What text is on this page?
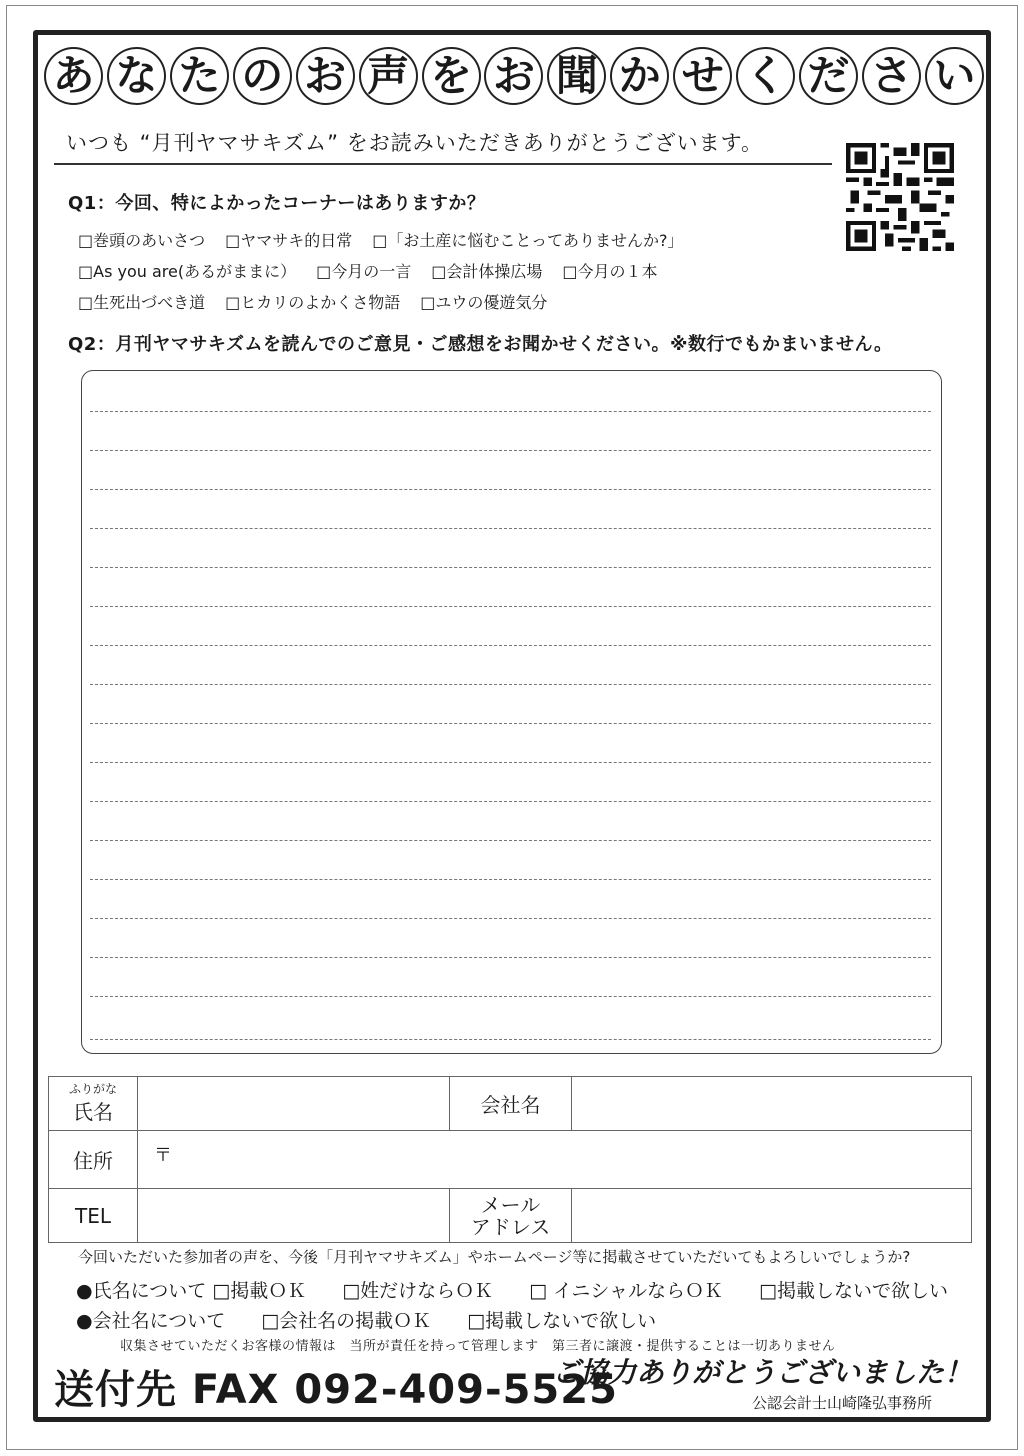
あ な た の お 声 を お 聞 か せ く だ さ い
いつも “月刊ヤマサキズム” をお読みいただきありがとうございます。
Q1：今回、特によかったコーナーはありますか？
□巻頭のあいさつ □ヤマサキ的日常 □「お土産に悩むことってありませんか?」
□As you are(あるがままに） □今月の一言 □会計体操広場 □今月の１本
□生死出づべき道 □ヒカリのよかくさ物語 □ユウの優遊気分
Q2：月刊ヤマサキズムを読んでのご意見・ご感想をお聞かせください。※数行でもかまいません。
ふりがな
氏名		会社名	
住所	〒		
TEL		メール
アドレス	

今回いただいた参加者の声を、今後「月刊ヤマサキズム」やホームページ等に掲載させていただいてもよろしいでしょうか?
●氏名について □掲載ＯＫ □姓だけならＯＫ □ イニシャルならＯＫ □掲載しないで欲しい
●会社名について □会社名の掲載ＯＫ □掲載しないで欲しい
収集させていただくお客様の情報は　当所が責任を持って管理します　第三者に譲渡・提供することは一切ありません
送付先 FAX 092-409-5525
ご協力ありがとうございました！
公認会計士山崎隆弘事務所
